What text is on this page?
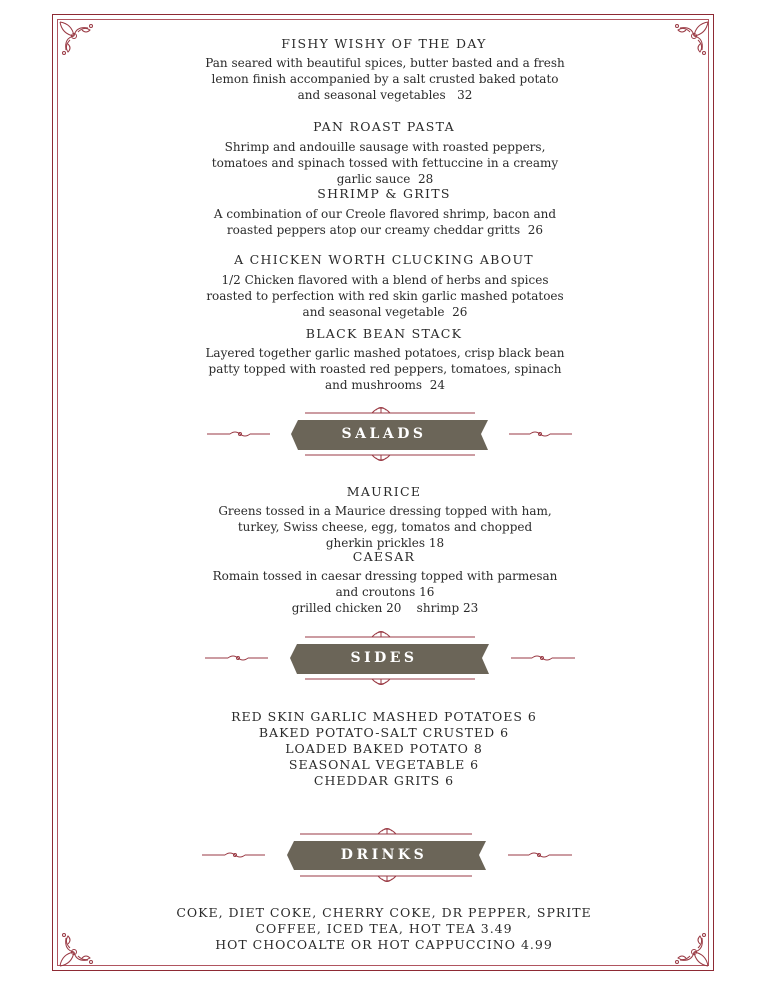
FISHY WISHY OF THE DAY
Pan seared with beautiful spices, butter basted and a fresh lemon finish accompanied by a salt crusted baked potato and seasonal vegetables 32
PAN ROAST PASTA
Shrimp and andouille sausage with roasted peppers, tomatoes and spinach tossed with fettuccine in a creamy garlic sauce 28
SHRIMP & GRITS
A combination of our Creole flavored shrimp, bacon and roasted peppers atop our creamy cheddar gritts 26
A CHICKEN WORTH CLUCKING ABOUT
1/2 Chicken flavored with a blend of herbs and spices roasted to perfection with red skin garlic mashed potatoes and seasonal vegetable 26
BLACK BEAN STACK
Layered together garlic mashed potatoes, crisp black bean patty topped with roasted red peppers, tomatoes, spinach and mushrooms 24
SALADS
MAURICE
Greens tossed in a Maurice dressing topped with ham, turkey, Swiss cheese, egg, tomatos and chopped gherkin prickles 18
CAESAR
Romain tossed in caesar dressing topped with parmesan and croutons 16
grilled chicken 20    shrimp 23
SIDES
RED SKIN GARLIC MASHED POTATOES 6
BAKED POTATO-SALT CRUSTED 6
LOADED BAKED POTATO 8
SEASONAL VEGETABLE 6
CHEDDAR GRITS 6
DRINKS
COKE, DIET COKE, CHERRY COKE, DR PEPPER, SPRITE
COFFEE, ICED TEA, HOT TEA 3.49
HOT CHOCOALTE OR HOT CAPPUCCINO 4.99
